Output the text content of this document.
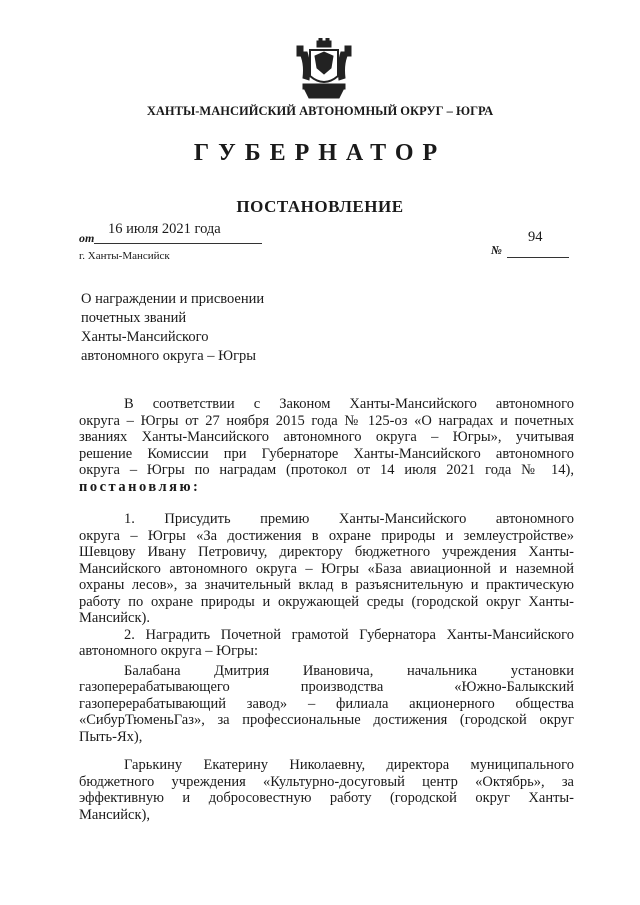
ХАНТЫ-МАНСИЙСКИЙ АВТОНОМНЫЙ ОКРУГ – ЮГРА
ГУБЕРНАТОР
ПОСТАНОВЛЕНИЕ
от
16 июля 2021 года
№
94
г. Ханты-Мансийск
О награждении и присвоении
почетных званий
Ханты-Мансийского
автономного округа – Югры
В соответствии с Законом Ханты-Мансийского автономного
округа – Югры от 27 ноября 2015 года № 125-оз «О наградах и почетных
званиях Ханты-Мансийского автономного округа – Югры», учитывая
решение Комиссии при Губернаторе Ханты-Мансийского автономного
округа – Югры по наградам (протокол от 14 июля 2021 года № 14),
постановляю:
1. Присудить премию Ханты-Мансийского автономного
округа – Югры «За достижения в охране природы и землеустройстве»
Шевцову Ивану Петровичу, директору бюджетного учреждения Ханты-
Мансийского автономного округа – Югры «База авиационной и наземной
охраны лесов», за значительный вклад в разъяснительную и практическую
работу по охране природы и окружающей среды (городской округ Ханты-
Мансийск).
2. Наградить Почетной грамотой Губернатора Ханты-Мансийского
автономного округа – Югры:
Балабана Дмитрия Ивановича, начальника установки
газоперерабатывающего производства «Южно-Балыкский
газоперерабатывающий завод» – филиала акционерного общества
«СибурТюменьГаз», за профессиональные достижения (городской округ
Пыть-Ях),
Гарькину Екатерину Николаевну, директора муниципального
бюджетного учреждения «Культурно-досуговый центр «Октябрь», за
эффективную и добросовестную работу (городской округ Ханты-
Мансийск),
